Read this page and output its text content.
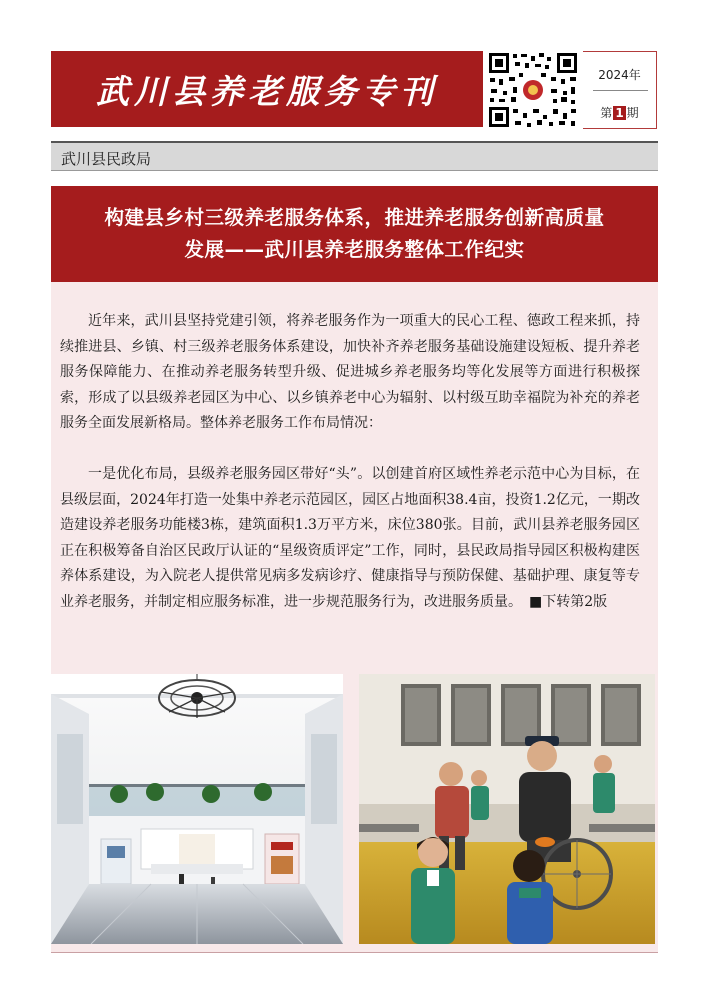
武川县养老服务专刊	2024年
第 1 期
武川县民政局
构建县乡村三级养老服务体系，推进养老服务创新高质量
发展——武川县养老服务整体工作纪实

近年来，武川县坚持党建引领，将养老服务作为一项重大的民心工程、德政工程来抓，持续推进县、乡镇、村三级养老服务体系建设，加快补齐养老服务基础设施建设短板、提升养老服务保障能力、在推动养老服务转型升级、促进城乡养老服务均等化发展等方面进行积极探索，形成了以县级养老园区为中心、以乡镇养老中心为辐射、以村级互助幸福院为补充的养老服务全面发展新格局。整体养老服务工作布局情况：

一是优化布局，县级养老服务园区带好“头”。以创建首府区域性养老示范中心为目标，在县级层面，2024年打造一处集中养老示范园区，园区占地面积38.4亩，投资1.2亿元，一期改造建设养老服务功能楼3栋，建筑面积1.3万平方米，床位380张。目前，武川县养老服务园区正在积极筹备自治区民政厅认证的“星级资质评定”工作，同时，县民政局指导园区积极构建医养体系建设，为入院老人提供常见病多发病诊疗、健康指导与预防保健、基础护理、康复等专业养老服务，并制定相应服务标准，进一步规范服务行为，改进服务质量。　 ■下转第2版
